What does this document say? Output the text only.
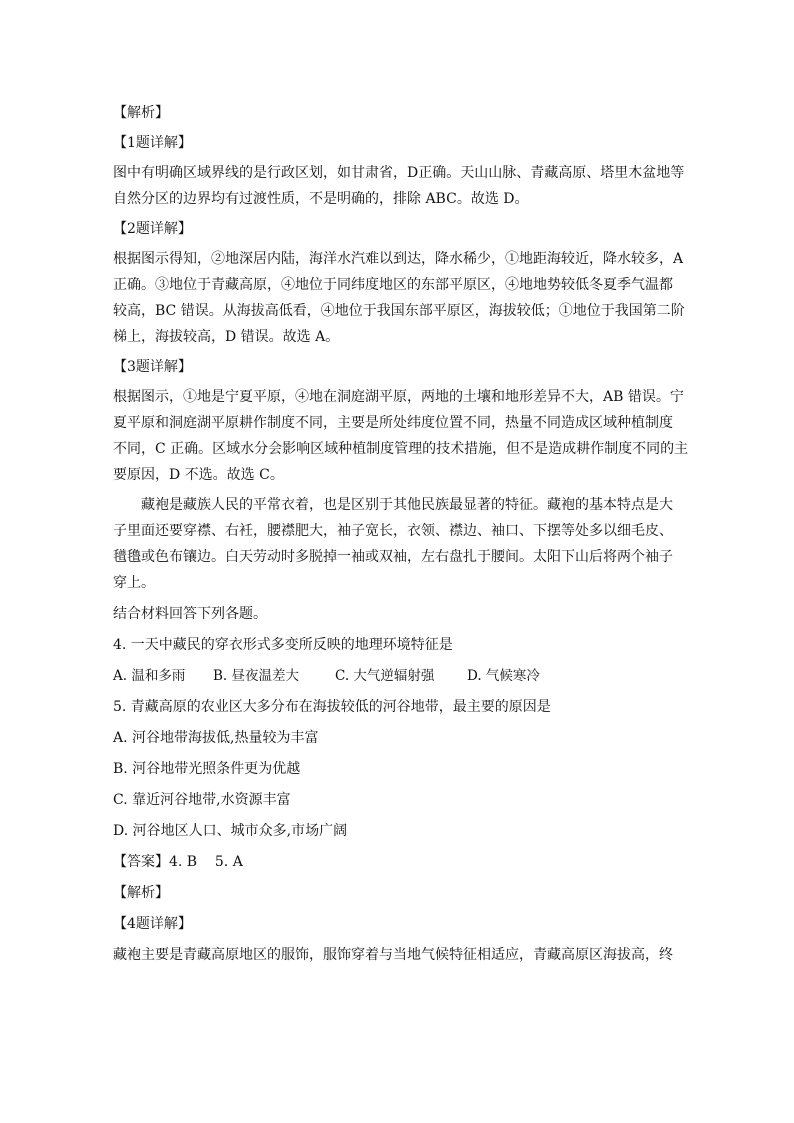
【解析】
【1题详解】
图中有明确区域界线的是行政区划，如甘肃省，D正确。天山山脉、青藏高原、塔里木盆地等
自然分区的边界均有过渡性质，不是明确的，排除 ABC。故选 D。
【2题详解】
根据图示得知，②地深居内陆，海洋水汽难以到达，降水稀少，①地距海较近，降水较多，A
正确。③地位于青藏高原，④地位于同纬度地区的东部平原区，④地地势较低冬夏季气温都
较高，BC 错误。从海拔高低看，④地位于我国东部平原区，海拔较低；①地位于我国第二阶
梯上，海拔较高，D 错误。故选 A。
【3题详解】
根据图示，①地是宁夏平原，④地在洞庭湖平原，两地的土壤和地形差异不大，AB 错误。宁
夏平原和洞庭湖平原耕作制度不同，主要是所处纬度位置不同，热量不同造成区域种植制度
不同，C 正确。区域水分会影响区域种植制度管理的技术措施，但不是造成耕作制度不同的主
要原因，D 不选。故选 C。
藏袍是藏族人民的平常衣着，也是区别于其他民族最显著的特征。藏袍的基本特点是大
子里面还要穿襟、右衽，腰襟肥大，袖子宽长，衣领、襟边、袖口、下摆等处多以细毛皮、
氆氇或色布镶边。白天劳动时多脱掉一袖或双袖，左右盘扎于腰间。太阳下山后将两个袖子
穿上。
结合材料回答下列各题。
4. 一天中藏民的穿衣形式多变所反映的地理环境特征是
A. 温和多雨	B. 昼夜温差大	C. 大气逆辐射强	D. 气候寒冷
5. 青藏高原的农业区大多分布在海拔较低的河谷地带，最主要的原因是
A. 河谷地带海拔低,热量较为丰富
B. 河谷地带光照条件更为优越
C. 靠近河谷地带,水资源丰富
D. 河谷地区人口、城市众多,市场广阔
【答案】4. B    5. A
【解析】
【4题详解】
藏袍主要是青藏高原地区的服饰，服饰穿着与当地气候特征相适应，青藏高原区海拔高，终
